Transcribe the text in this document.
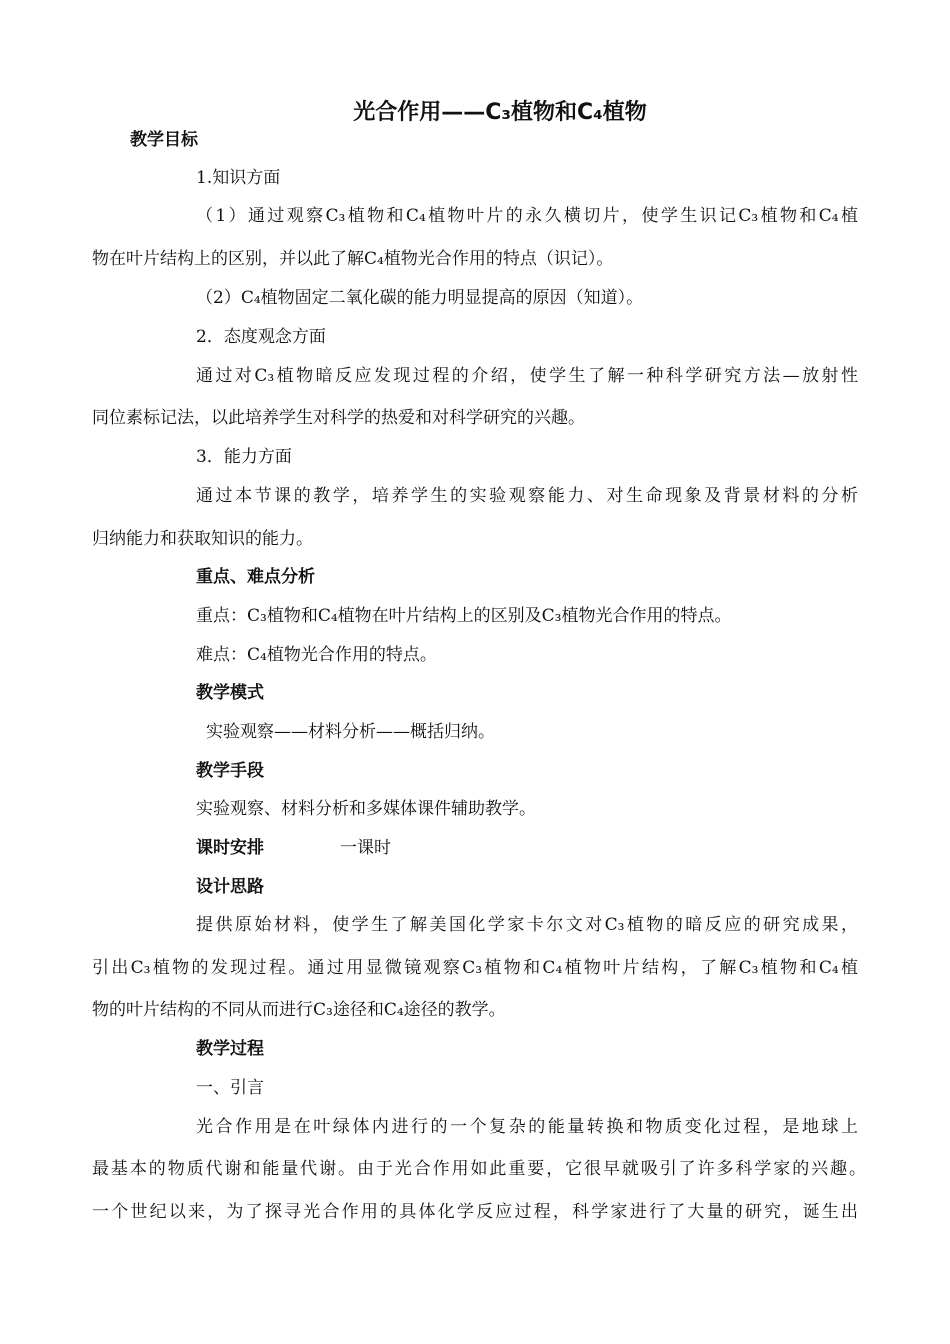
光合作用——C₃植物和C₄植物
教学目标
1.知识方面
（1）通过观察C₃植物和C₄植物叶片的永久横切片，使学生识记C₃植物和C₄植
物在叶片结构上的区别，并以此了解C₄植物光合作用的特点（识记）。
（2）C₄植物固定二氧化碳的能力明显提高的原因（知道）。
2．态度观念方面
通过对C₃植物暗反应发现过程的介绍，使学生了解一种科学研究方法—放射性
同位素标记法，以此培养学生对科学的热爱和对科学研究的兴趣。
3．能力方面
通过本节课的教学，培养学生的实验观察能力、对生命现象及背景材料的分析
归纳能力和获取知识的能力。
重点、难点分析
重点：C₃植物和C₄植物在叶片结构上的区别及C₃植物光合作用的特点。
难点：C₄植物光合作用的特点。
教学模式
实验观察——材料分析——概括归纳。
教学手段
实验观察、材料分析和多媒体课件辅助教学。
课时安排	一课时
设计思路
提供原始材料，使学生了解美国化学家卡尔文对C₃植物的暗反应的研究成果，
引出C₃植物的发现过程。通过用显微镜观察C₃植物和C₄植物叶片结构，了解C₃植物和C₄植
物的叶片结构的不同从而进行C₃途径和C₄途径的教学。
教学过程
一、引言
光合作用是在叶绿体内进行的一个复杂的能量转换和物质变化过程，是地球上
最基本的物质代谢和能量代谢。由于光合作用如此重要，它很早就吸引了许多科学家的兴趣。
一个世纪以来，为了探寻光合作用的具体化学反应过程，科学家进行了大量的研究，诞生出
